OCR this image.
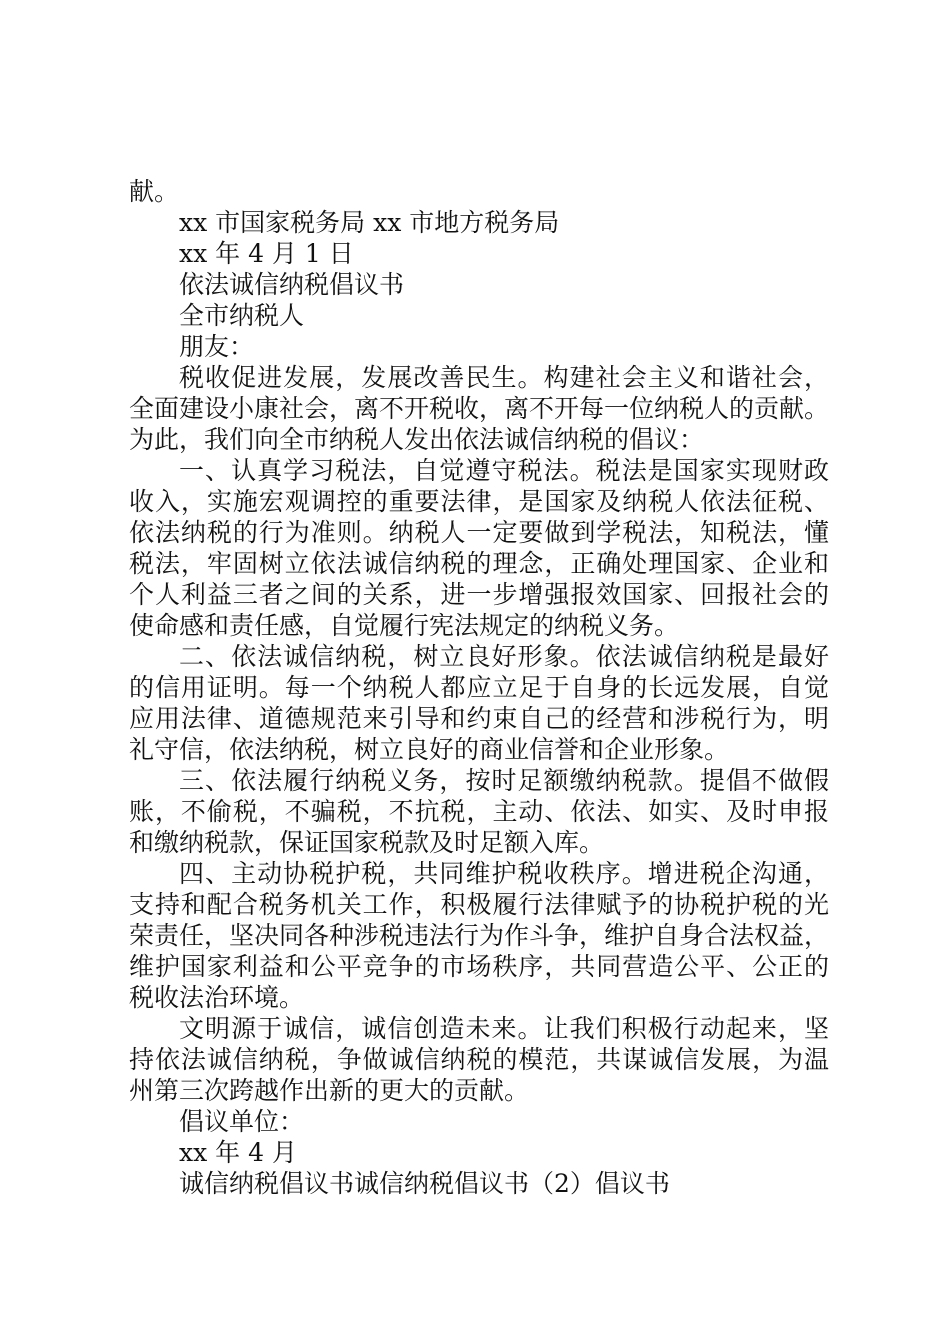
献。
xx 市国家税务局 xx 市地方税务局
xx 年 4 月 1 日
依法诚信纳税倡议书
全市纳税人
朋友：
税收促进发展，发展改善民生。构建社会主义和谐社会，
全面建设小康社会，离不开税收，离不开每一位纳税人的贡献。
为此，我们向全市纳税人发出依法诚信纳税的倡议：
一、认真学习税法，自觉遵守税法。税法是国家实现财政
收入，实施宏观调控的重要法律，是国家及纳税人依法征税、
依法纳税的行为准则。纳税人一定要做到学税法，知税法，懂
税法，牢固树立依法诚信纳税的理念，正确处理国家、企业和
个人利益三者之间的关系，进一步增强报效国家、回报社会的
使命感和责任感，自觉履行宪法规定的纳税义务。
二、依法诚信纳税，树立良好形象。依法诚信纳税是最好
的信用证明。每一个纳税人都应立足于自身的长远发展，自觉
应用法律、道德规范来引导和约束自己的经营和涉税行为，明
礼守信，依法纳税，树立良好的商业信誉和企业形象。
三、依法履行纳税义务，按时足额缴纳税款。提倡不做假
账，不偷税，不骗税，不抗税，主动、依法、如实、及时申报
和缴纳税款，保证国家税款及时足额入库。
四、主动协税护税，共同维护税收秩序。增进税企沟通，
支持和配合税务机关工作，积极履行法律赋予的协税护税的光
荣责任，坚决同各种涉税违法行为作斗争，维护自身合法权益，
维护国家利益和公平竞争的市场秩序，共同营造公平、公正的
税收法治环境。
文明源于诚信，诚信创造未来。让我们积极行动起来，坚
持依法诚信纳税，争做诚信纳税的模范，共谋诚信发展，为温
州第三次跨越作出新的更大的贡献。
倡议单位：
xx 年 4 月
诚信纳税倡议书诚信纳税倡议书（2）倡议书
